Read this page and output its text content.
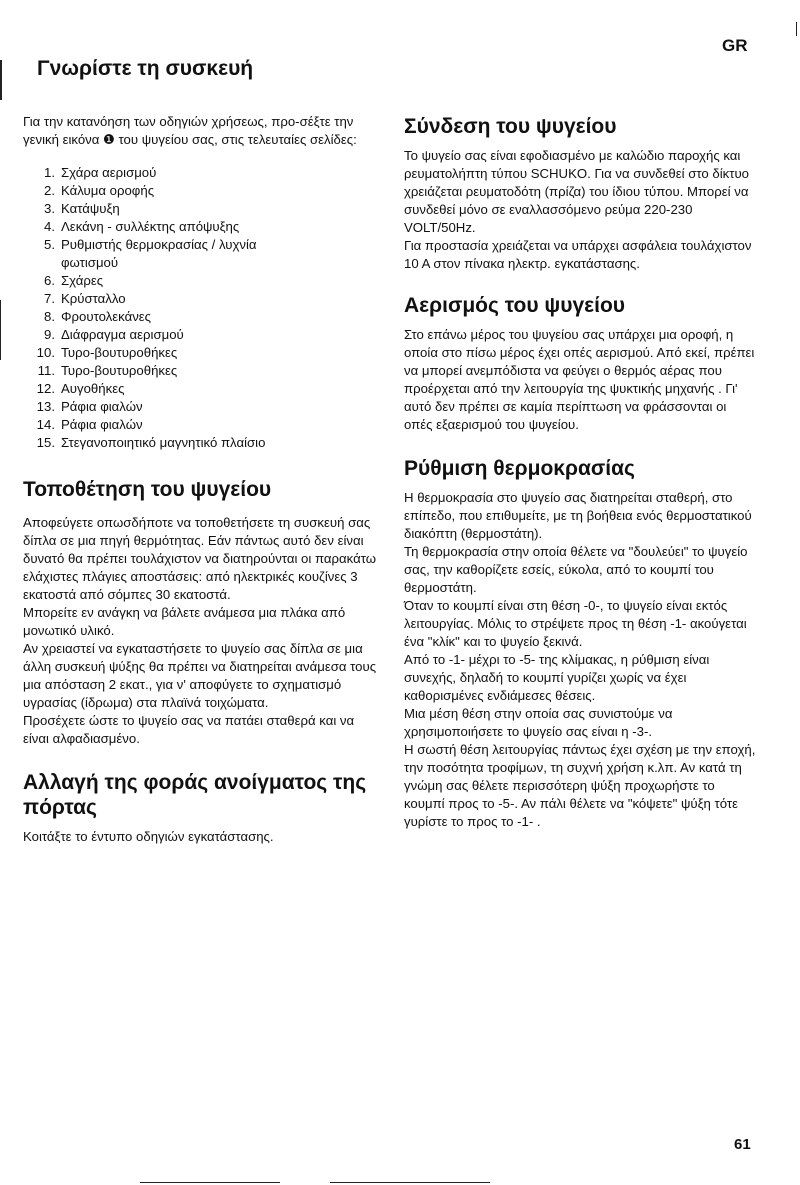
GR
Γνωρίστε τη συσκευή

Για την κατανόηση των οδηγιών χρήσεως, προ-σέξτε την γενική εικόνα ❶ του ψυγείου σας, στις τελευταίες σελίδες:

1. Σχάρα αερισμού
2. Κάλυμα οροφής
3. Κατάψυξη
4. Λεκάνη - συλλέκτης απόψυξης
5. Ρυθμιστής θερμοκρασίας / λυχνία φωτισμού
6. Σχάρες
7. Κρύσταλλο
8. Φρουτολεκάνες
9. Διάφραγμα αερισμού
10. Τυρο-βουτυροθήκες
11. Τυρο-βουτυροθήκες
12. Αυγοθήκες
13. Ράφια φιαλών
14. Ράφια φιαλών
15. Στεγανοποιητικό μαγνητικό πλαίσιο
Τοποθέτηση του ψυγείου

Αποφεύγετε οπωσδήποτε να τοποθετήσετε τη συσκευή σας δίπλα σε μια πηγή θερμότητας. Εάν πάντως αυτό δεν είναι δυνατό θα πρέπει τουλάχιστον να διατηρούνται οι παρακάτω ελάχιστες πλάγιες αποστάσεις: από ηλεκτρικές κουζίνες 3 εκατοστά από σόμπες 30 εκατοστά.

Μπορείτε εν ανάγκη να βάλετε ανάμεσα μια πλάκα από μονωτικό υλικό.

Αν χρειαστεί να εγκαταστήσετε το ψυγείο σας δίπλα σε μια άλλη συσκευή ψύξης θα πρέπει να διατηρείται ανάμεσα τους μια απόσταση 2 εκατ., για ν' αποφύγετε το σχηματισμό υγρασίας (ίδρωμα) στα πλαϊνά τοιχώματα.

Προσέχετε ώστε το ψυγείο σας να πατάει σταθερά και να είναι αλφαδιασμένο.

Αλλαγή της φοράς ανοίγματος της πόρτας

Κοιτάξτε το έντυπο οδηγιών εγκατάστασης.

Σύνδεση του ψυγείου

Το ψυγείο σας είναι εφοδιασμένο με καλώδιο παροχής και ρευματολήπτη τύπου SCHUKO. Για να συνδεθεί στο δίκτυο χρειάζεται ρευματοδότη (πρίζα) του ίδιου τύπου. Μπορεί να συνδεθεί μόνο σε εναλλασσόμενο ρεύμα 220-230 VOLT/50Hz.

Για προστασία χρειάζεται να υπάρχει ασφάλεια τουλάχιστον 10 Α στον πίνακα ηλεκτρ. εγκατάστασης.

Αερισμός του ψυγείου

Στο επάνω μέρος του ψυγείου σας υπάρχει μια οροφή, η οποία στο πίσω μέρος έχει οπές αερισμού. Από εκεί, πρέπει να μπορεί ανεμπόδιστα να φεύγει ο θερμός αέρας που προέρχεται από την λειτουργία της ψυκτικής μηχανής . Γι' αυτό δεν πρέπει σε καμία περίπτωση να φράσσονται οι οπές εξαερισμού του ψυγείου.

Ρύθμιση θερμοκρασίας

Η θερμοκρασία στο ψυγείο σας διατηρείται σταθερή, στο επίπεδο, που επιθυμείτε, με τη βοήθεια ενός θερμοστατικού διακόπτη (θερμοστάτη).

Τη θερμοκρασία στην οποία θέλετε να "δουλεύει" το ψυγείο σας, την καθορίζετε εσείς, εύκολα, από το κουμπί του θερμοστάτη.

Όταν το κουμπί είναι στη θέση -0-, το ψυγείο είναι εκτός λειτουργίας. Μόλις το στρέψετε προς τη θέση -1- ακούγεται ένα "κλίκ" και το ψυγείο ξεκινά.

Από το -1- μέχρι το -5- της κλίμακας, η ρύθμιση είναι συνεχής, δηλαδή το κουμπί γυρίζει χωρίς να έχει καθορισμένες ενδιάμεσες θέσεις.

Μια μέση θέση στην οποία σας συνιστούμε να χρησιμοποιήσετε το ψυγείο σας είναι η -3-.

Η σωστή θέση λειτουργίας πάντως έχει σχέση με την εποχή, την ποσότητα τροφίμων, τη συχνή χρήση κ.λπ. Αν κατά τη γνώμη σας θέλετε περισσότερη ψύξη προχωρήστε το κουμπί προς το -5-. Αν πάλι θέλετε να "κόψετε" ψύξη τότε γυρίστε το προς το -1- .

61
